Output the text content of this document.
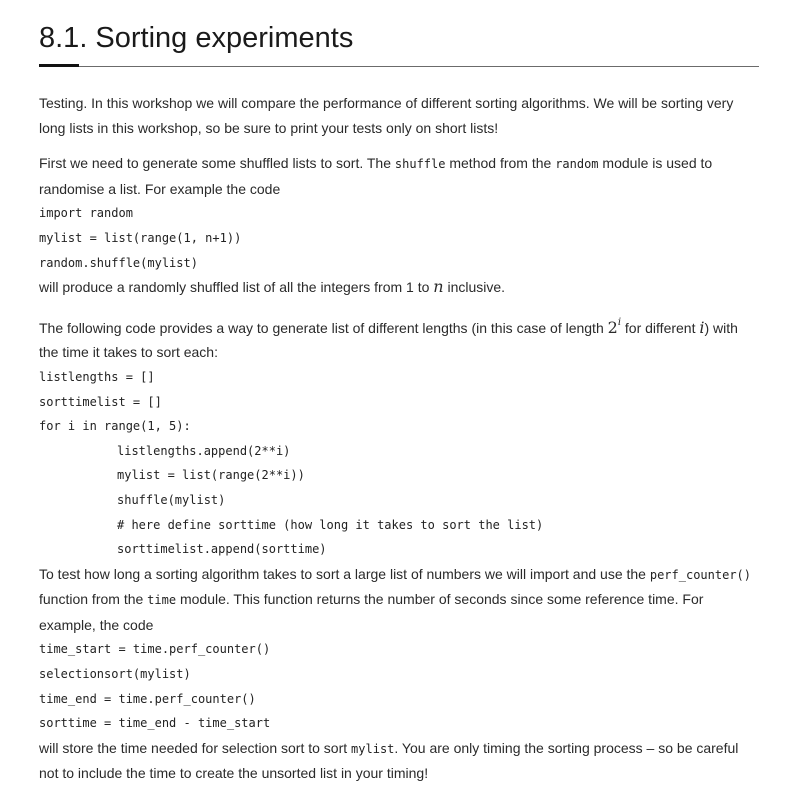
8.1. Sorting experiments

Testing. In this workshop we will compare the performance of different sorting algorithms. We will be sorting very long lists in this workshop, so be sure to print your tests only on short lists!

First we need to generate some shuffled lists to sort. The shuffle method from the random module is used to randomise a list. For example the code
import random
mylist = list(range(1, n+1))
random.shuffle(mylist)
will produce a randomly shuffled list of all the integers from 1 to n inclusive.
The following code provides a way to generate list of different lengths (in this case of length 2$^i$ for different i) with the time it takes to sort each:
listlengths = []
sorttimelist = []
for i in range(1, 5):
listlengths.append(2**i)
mylist = list(range(2**i))
shuffle(mylist)
# here define sorttime (how long it takes to sort the list)
sorttimelist.append(sorttime)
To test how long a sorting algorithm takes to sort a large list of numbers we will import and use the perf_counter() function from the time module. This function returns the number of seconds since some reference time. For example, the code
time_start = time.perf_counter()
selectionsort(mylist)
time_end = time.perf_counter()
sorttime = time_end - time_start
will store the time needed for selection sort to sort mylist. You are only timing the sorting process – so be careful not to include the time to create the unsorted list in your timing!
